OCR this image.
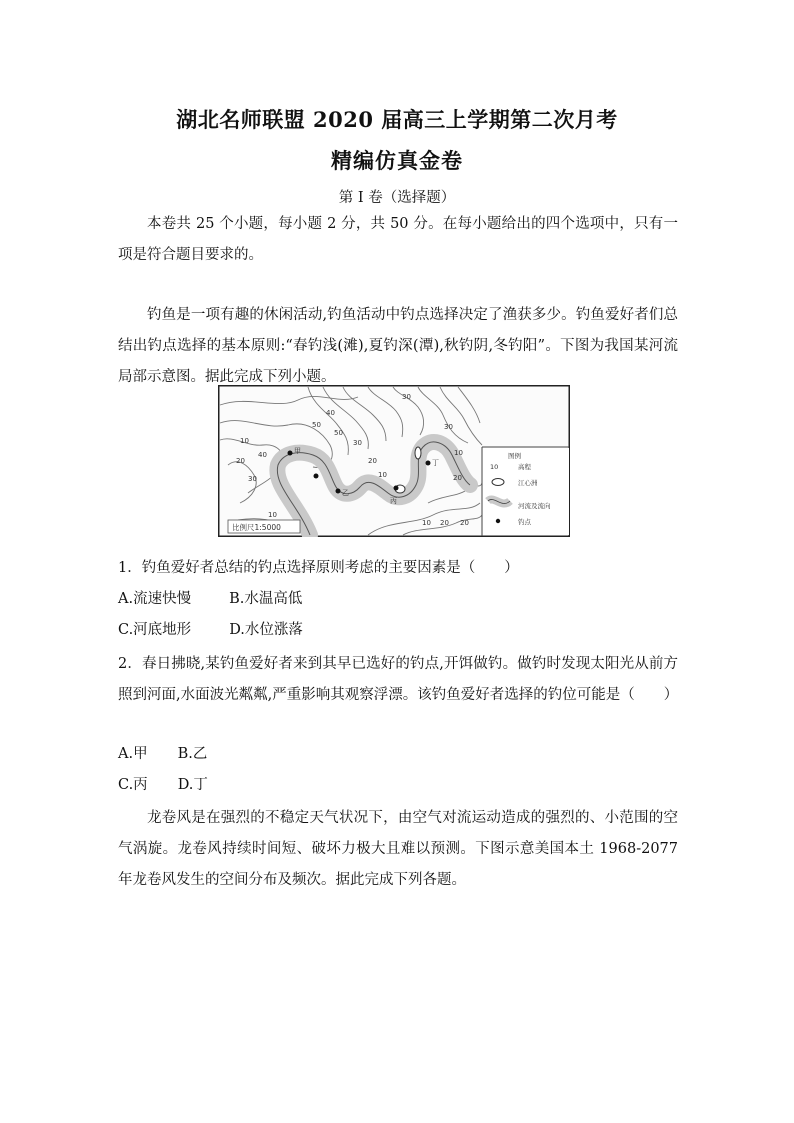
湖北名师联盟 2020 届高三上学期第二次月考
精编仿真金卷
第 I 卷（选择题）
本卷共 25 个小题，每小题 2 分，共 50 分。在每小题给出的四个选项中，只有一项是符合题目要求的。
钓鱼是一项有趣的休闲活动,钓鱼活动中钓点选择决定了渔获多少。钓鱼爱好者们总结出钓点选择的基本原则:“春钓浅(滩),夏钓深(潭),秋钓阴,冬钓阳”。下图为我国某河流局部示意图。据此完成下列小题。
甲
乙
丙
丁
10
20
30
40
50
50
40
30
20
10
10 20 20
10
20
30
10
30
比例尺1:5000
图例
10	高程
江心洲
河流及流向
钓点
1．钓鱼爱好者总结的钓点选择原则考虑的主要因素是（　　）
A.流速快慢	B.水温高低
C.河底地形	D.水位涨落
2．春日拂晓,某钓鱼爱好者来到其早已选好的钓点,开饵做钓。做钓时发现太阳光从前方照到河面,水面波光粼粼,严重影响其观察浮漂。该钓鱼爱好者选择的钓位可能是（　　）
A.甲 B.乙
C.丙 D.丁
龙卷风是在强烈的不稳定天气状况下，由空气对流运动造成的强烈的、小范围的空气涡旋。龙卷风持续时间短、破坏力极大且难以预测。下图示意美国本土 1968-2077 年龙卷风发生的空间分布及频次。据此完成下列各题。
